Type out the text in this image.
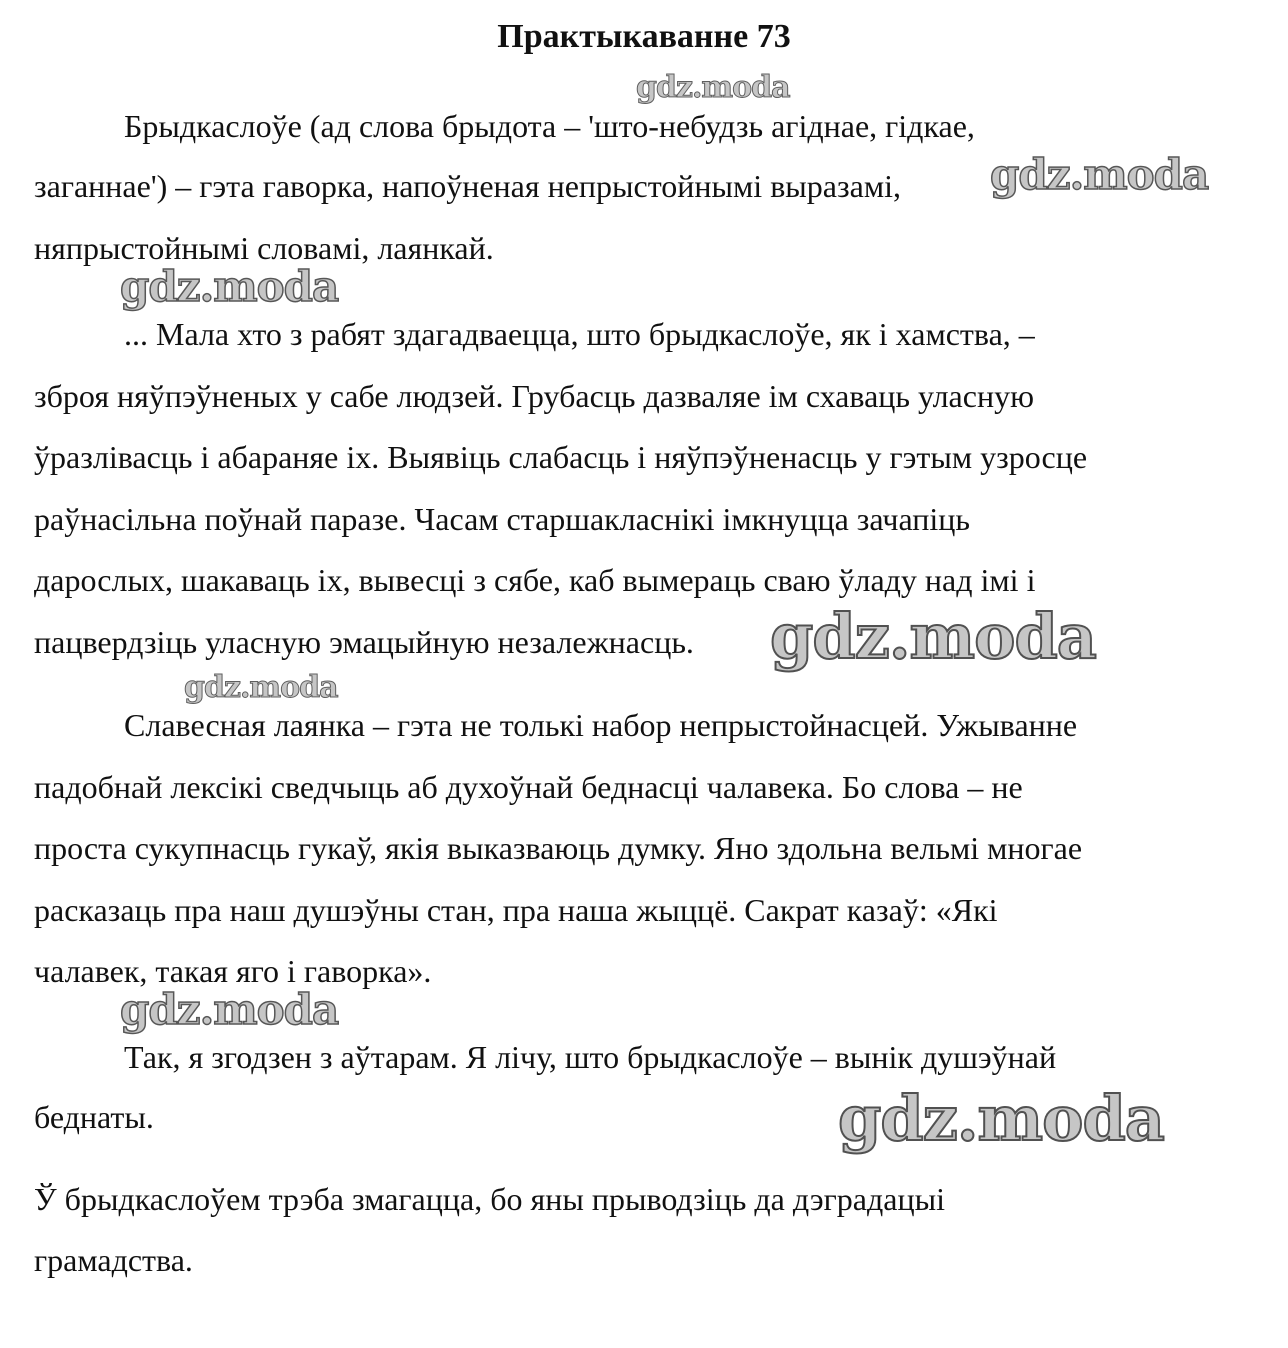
Практыкаванне 73

Брыдкаслоўе (ад слова брыдота – 'што-небудзь агіднае, гідкае,

заганнае') – гэта гаворка, напоўненая непрыстойнымі выразамі,

няпрыстойнымі словамі, лаянкай.

... Мала хто з рабят здагадваецца, што брыдкаслоўе, як і хамства, –

зброя няўпэўненых у сабе людзей. Грубасць дазваляе ім схаваць уласную

ўразлівасць і абараняе іх. Выявіць слабасць і няўпэўненасць у гэтым узросце

раўнасільна поўнай паразе. Часам старшакласнікі імкнуцца зачапіць

дарослых, шакаваць іх, вывесці з сябе, каб вымераць сваю ўладу над імі і

пацвердзіць уласную эмацыйную незалежнасць.

Славесная лаянка – гэта не толькі набор непрыстойнасцей. Ужыванне

падобнай лексікі сведчыць аб духоўнай беднасці чалавека. Бо слова – не

проста сукупнасць гукаў, якія выказваюць думку. Яно здольна вельмі многае

расказаць пра наш душэўны стан, пра наша жыццё. Сакрат казаў: «Які

чалавек, такая яго і гаворка».

Так, я згодзен з аўтарам. Я лічу, што брыдкаслоўе – вынік душэўнай

беднаты.

Ў брыдкаслоўем трэба змагацца, бо яны прыводзіць да дэградацыі

грамадства.

gdz.moda
gdz.moda
gdz.moda
gdz.moda
gdz.moda
gdz.moda
gdz.moda
